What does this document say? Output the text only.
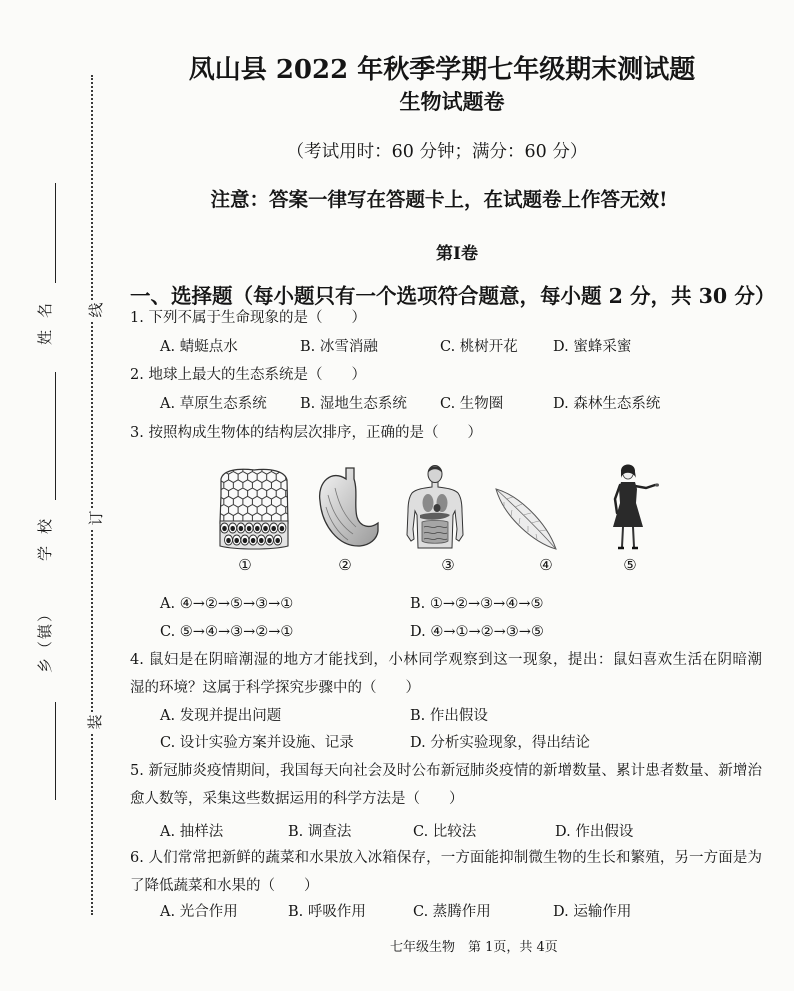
线
订
装
姓名
学校
乡（镇）
凤山县 2022 年秋季学期七年级期末测试题
生物试题卷
（考试用时：60 分钟；满分：60 分）
注意：答案一律写在答题卡上，在试题卷上作答无效!
第Ⅰ卷
一、选择题（每小题只有一个选项符合题意，每小题 2 分，共 30 分）
1. 下列不属于生命现象的是（　　）
A. 蜻蜓点水	B. 冰雪消融	C. 桃树开花 D. 蜜蜂采蜜
2. 地球上最大的生态系统是（　　）
A. 草原生态系统 B. 湿地生态系统 C. 生物圈	D. 森林生态系统
3. 按照构成生物体的结构层次排序，正确的是（　　）
①	②	③	④	⑤
A. ④→②→⑤→③→①	B. ①→②→③→④→⑤
C. ⑤→④→③→②→①	D. ④→①→②→③→⑤
4. 鼠妇是在阴暗潮湿的地方才能找到，小林同学观察到这一现象，提出：鼠妇喜欢生活在阴暗潮
湿的环境？这属于科学探究步骤中的（　　）
A. 发现并提出问题	B. 作出假设
C. 设计实验方案并设施、记录	D. 分析实验现象，得出结论
5. 新冠肺炎疫情期间，我国每天向社会及时公布新冠肺炎疫情的新增数量、累计患者数量、新增治
愈人数等，采集这些数据运用的科学方法是（　　）
A. 抽样法	B. 调查法	C. 比较法	D. 作出假设
6. 人们常常把新鲜的蔬菜和水果放入冰箱保存，一方面能抑制微生物的生长和繁殖，另一方面是为
了降低蔬菜和水果的（　　）
A. 光合作用	B. 呼吸作用	C. 蒸腾作用	D. 运输作用
七年级生物　第 1页，共 4页
